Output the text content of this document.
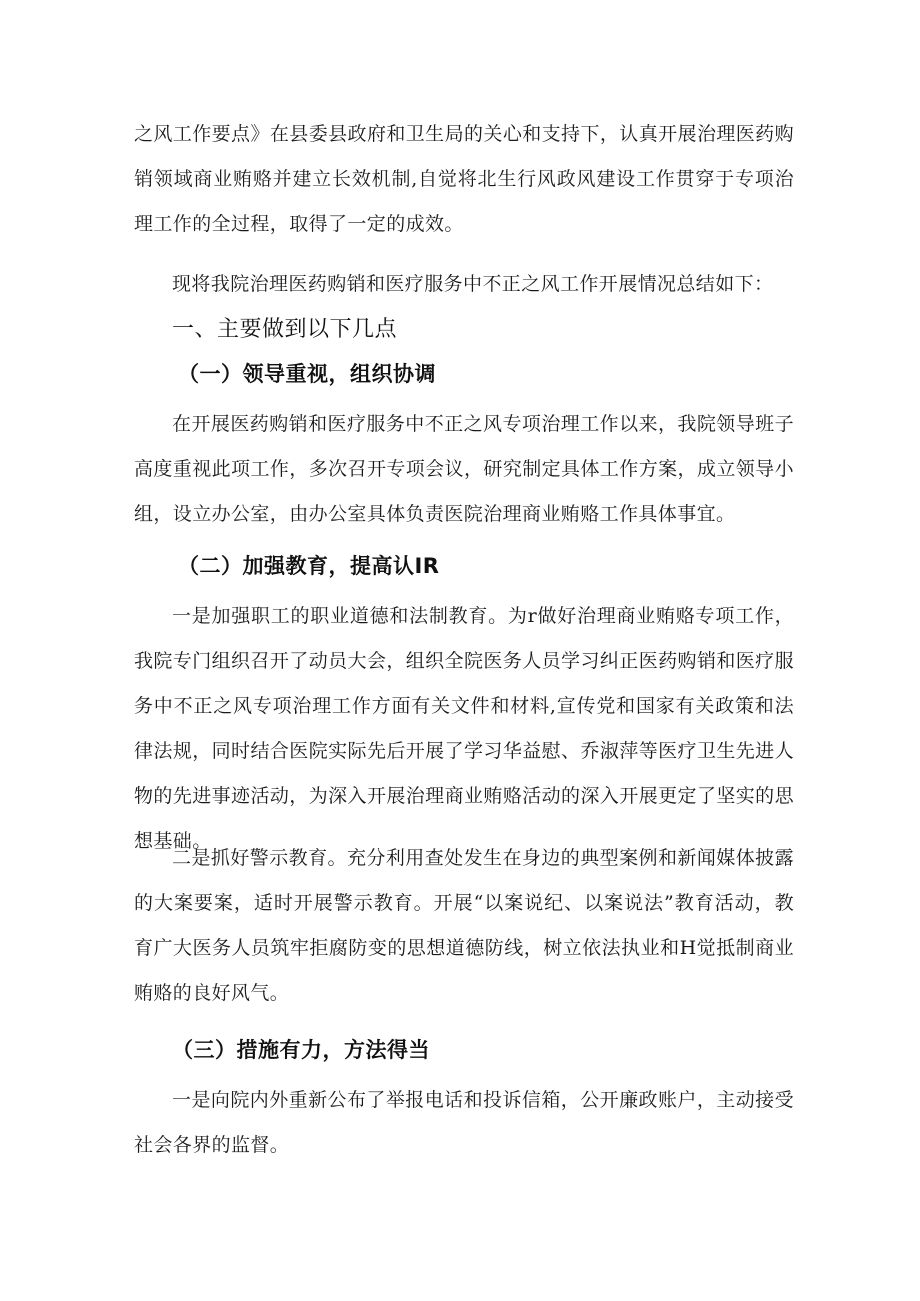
之风工作要点》在县委县政府和卫生局的关心和支持下，认真开展治理医药购销领域商业贿赂并建立长效机制,自觉将北生行风政风建设工作贯穿于专项治理工作的全过程，取得了一定的成效。

现将我院治理医药购销和医疗服务中不正之风工作开展情况总结如下：

一、主要做到以下几点
（一）领导重视，组织协调

在开展医药购销和医疗服务中不正之风专项治理工作以来，我院领导班子高度重视此项工作，多次召开专项会议，研究制定具体工作方案，成立领导小组，设立办公室，由办公室具体负责医院治理商业贿赂工作具体事宜。

（二）加强教育，提高认IR

一是加强职工的职业道德和法制教育。为r做好治理商业贿赂专项工作，我院专门组织召开了动员大会，组织全院医务人员学习纠正医药购销和医疗服务中不正之风专项治理工作方面有关文件和材料,宣传党和国家有关政策和法律法规，同时结合医院实际先后开展了学习华益慰、乔淑萍等医疗卫生先进人物的先进事迹活动，为深入开展治理商业贿赂活动的深入开展更定了坚实的思想基础。

二是抓好警示教育。充分利用查处发生在身边的典型案例和新闻媒体披露的大案要案，适时开展警示教育。开展“以案说纪、以案说法”教育活动，教育广大医务人员筑牢拒腐防变的思想道德防线，树立依法执业和H觉抵制商业贿赂的良好风气。

（三）措施有力，方法得当

一是向院内外重新公布了举报电话和投诉信箱，公开廉政账户，主动接受社会各界的监督。
